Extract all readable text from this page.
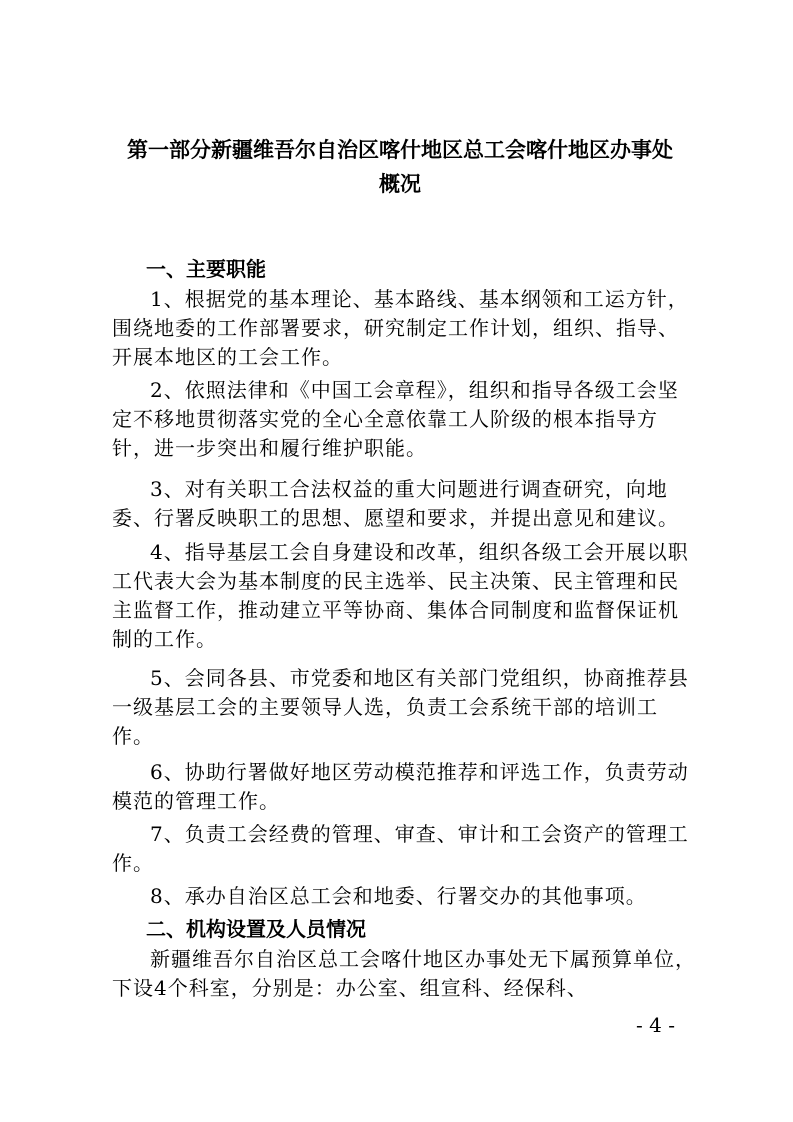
第一部分新疆维吾尔自治区喀什地区总工会喀什地区办事处
概况
一、主要职能
1、根据党的基本理论、基本路线、基本纲领和工运方针，围绕地委的工作部署要求，研究制定工作计划，组织、指导、开展本地区的工会工作。
2、依照法律和《中国工会章程》，组织和指导各级工会坚定不移地贯彻落实党的全心全意依靠工人阶级的根本指导方针，进一步突出和履行维护职能。
3、对有关职工合法权益的重大问题进行调查研究，向地委、行署反映职工的思想、愿望和要求，并提出意见和建议。
4、指导基层工会自身建设和改革，组织各级工会开展以职工代表大会为基本制度的民主选举、民主决策、民主管理和民主监督工作，推动建立平等协商、集体合同制度和监督保证机制的工作。
5、会同各县、市党委和地区有关部门党组织，协商推荐县一级基层工会的主要领导人选，负责工会系统干部的培训工作。
6、协助行署做好地区劳动模范推荐和评选工作，负责劳动模范的管理工作。
7、负责工会经费的管理、审查、审计和工会资产的管理工作。
8、承办自治区总工会和地委、行署交办的其他事项。
二、机构设置及人员情况
新疆维吾尔自治区总工会喀什地区办事处无下属预算单位，下设4个科室，分别是：办公室、组宣科、经保科、
- 4 -
